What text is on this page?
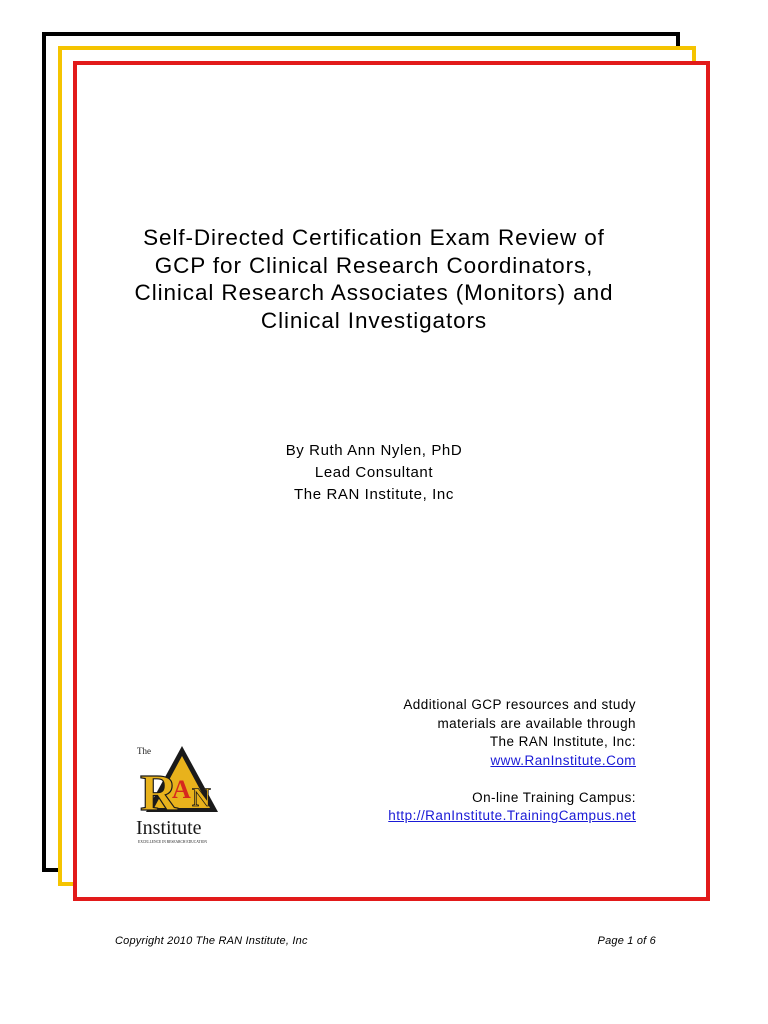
Self-Directed Certification Exam Review of
GCP for Clinical Research Coordinators,
Clinical Research Associates (Monitors) and
Clinical Investigators
By Ruth Ann Nylen, PhD
Lead Consultant
The RAN Institute, Inc
Additional GCP resources and study
materials are available through
The RAN Institute, Inc:
www.RanInstitute.Com
On-line Training Campus:
http://RanInstitute.TrainingCampus.net
The
R
A N
Institute
EXCELLENCE IN RESEARCH EDUCATION
Copyright 2010 The RAN Institute, Inc	Page 1 of 6
